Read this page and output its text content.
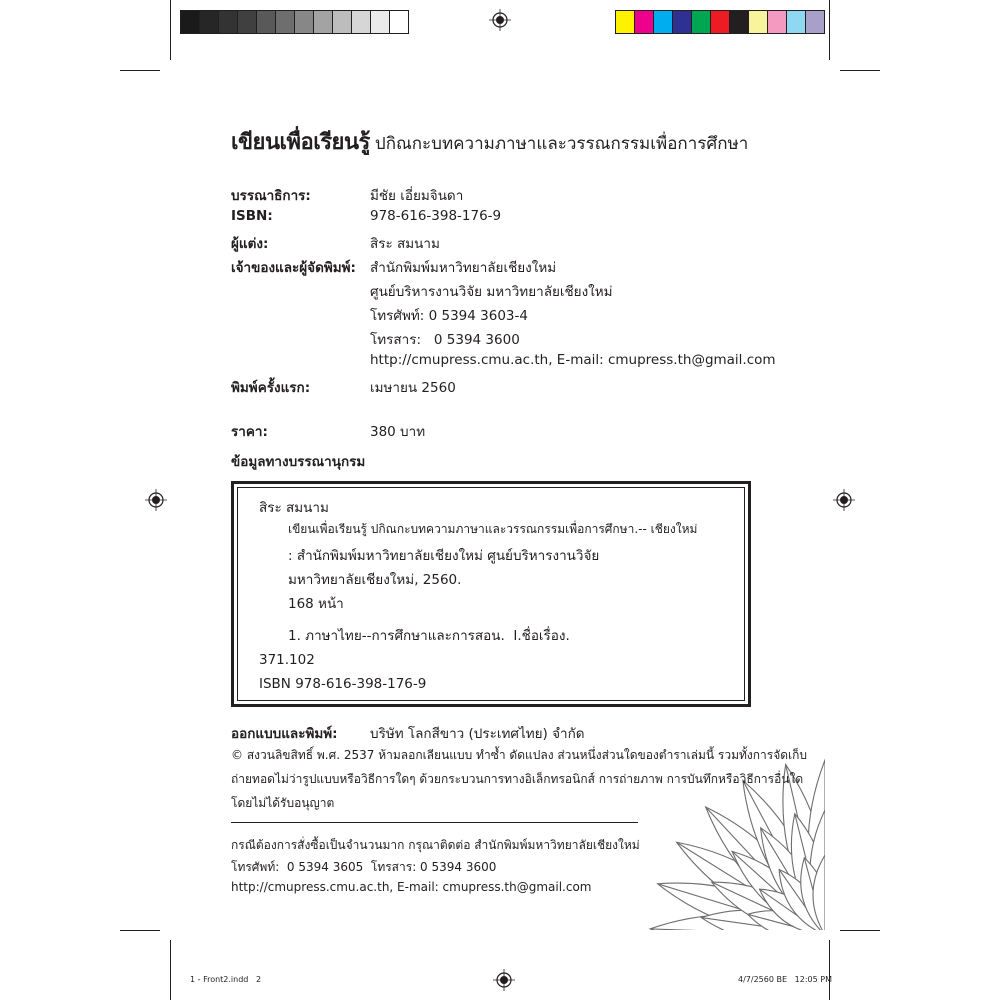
เขียนเพื่อเรียนรู้ ปกิณกะบทความภาษาและวรรณกรรมเพื่อการศึกษา
บรรณาธิการ:	มีชัย เอี่ยมจินดา
ISBN:	978-616-398-176-9
ผู้แต่ง:	สิระ สมนาม
เจ้าของและผู้จัดพิมพ์: สำนักพิมพ์มหาวิทยาลัยเชียงใหม่
ศูนย์บริหารงานวิจัย มหาวิทยาลัยเชียงใหม่
โทรศัพท์: 0 5394 3603-4
โทรสาร:   0 5394 3600
http://cmupress.cmu.ac.th, E-mail: cmupress.th@gmail.com
พิมพ์ครั้งแรก:	เมษายน 2560
ราคา:	380 บาท
ข้อมูลทางบรรณานุกรม
สิระ สมนาม
เขียนเพื่อเรียนรู้ ปกิณกะบทความภาษาและวรรณกรรมเพื่อการศึกษา.-- เชียงใหม่
: สำนักพิมพ์มหาวิทยาลัยเชียงใหม่ ศูนย์บริหารงานวิจัย
มหาวิทยาลัยเชียงใหม่, 2560.
168 หน้า
1. ภาษาไทย--การศึกษาและการสอน.  I.ชื่อเรื่อง.
371.102
ISBN 978-616-398-176-9
ออกแบบและพิมพ์: บริษัท โลกสีขาว (ประเทศไทย) จำกัด
© สงวนลิขสิทธิ์ พ.ศ. 2537 ห้ามลอกเลียนแบบ ทำซ้ำ ดัดแปลง ส่วนหนึ่งส่วนใดของตำราเล่มนี้ รวมทั้งการจัดเก็บ
ถ่ายทอดไม่ว่ารูปแบบหรือวิธีการใดๆ ด้วยกระบวนการทางอิเล็กทรอนิกส์ การถ่ายภาพ การบันทึกหรือวิธีการอื่นใด
โดยไม่ได้รับอนุญาต
กรณีต้องการสั่งซื้อเป็นจำนวนมาก กรุณาติดต่อ สำนักพิมพ์มหาวิทยาลัยเชียงใหม่
โทรศัพท์:  0 5394 3605  โทรสาร: 0 5394 3600
http://cmupress.cmu.ac.th, E-mail: cmupress.th@gmail.com
1 - Front2.indd   2	4/7/2560 BE   12:05 PM
